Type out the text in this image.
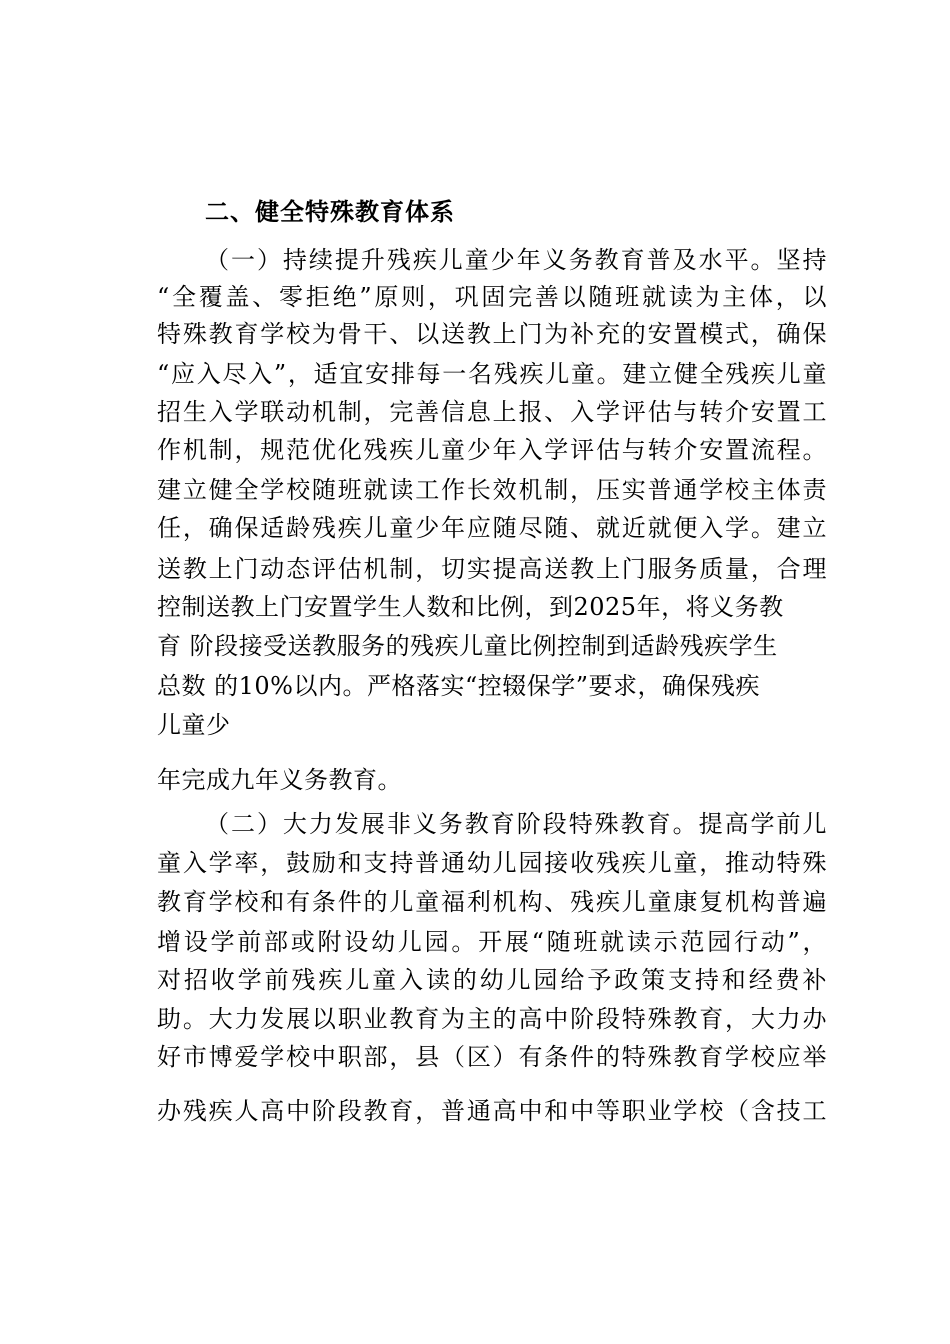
二、健全特殊教育体系
（一）持续提升残疾儿童少年义务教育普及水平。坚持
“全覆盖、零拒绝”原则，巩固完善以随班就读为主体，以
特殊教育学校为骨干、以送教上门为补充的安置模式，确保
“应入尽入”，适宜安排每一名残疾儿童。建立健全残疾儿童
招生入学联动机制，完善信息上报、入学评估与转介安置工
作机制，规范优化残疾儿童少年入学评估与转介安置流程。
建立健全学校随班就读工作长效机制，压实普通学校主体责
任，确保适龄残疾儿童少年应随尽随、就近就便入学。建立
送教上门动态评估机制，切实提高送教上门服务质量，合理
控制送教上门安置学生人数和比例，到2025年，将义务教
育 阶段接受送教服务的残疾儿童比例控制到适龄残疾学生
总数 的10%以内。严格落实“控辍保学”要求，确保残疾
儿童少
年完成九年义务教育。
（二）大力发展非义务教育阶段特殊教育。提高学前儿
童入学率，鼓励和支持普通幼儿园接收残疾儿童，推动特殊
教育学校和有条件的儿童福利机构、残疾儿童康复机构普遍
增设学前部或附设幼儿园。开展“随班就读示范园行动”，
对招收学前残疾儿童入读的幼儿园给予政策支持和经费补
助。大力发展以职业教育为主的高中阶段特殊教育，大力办
好市博爱学校中职部，县（区）有条件的特殊教育学校应举
办残疾人高中阶段教育，普通高中和中等职业学校（含技工
